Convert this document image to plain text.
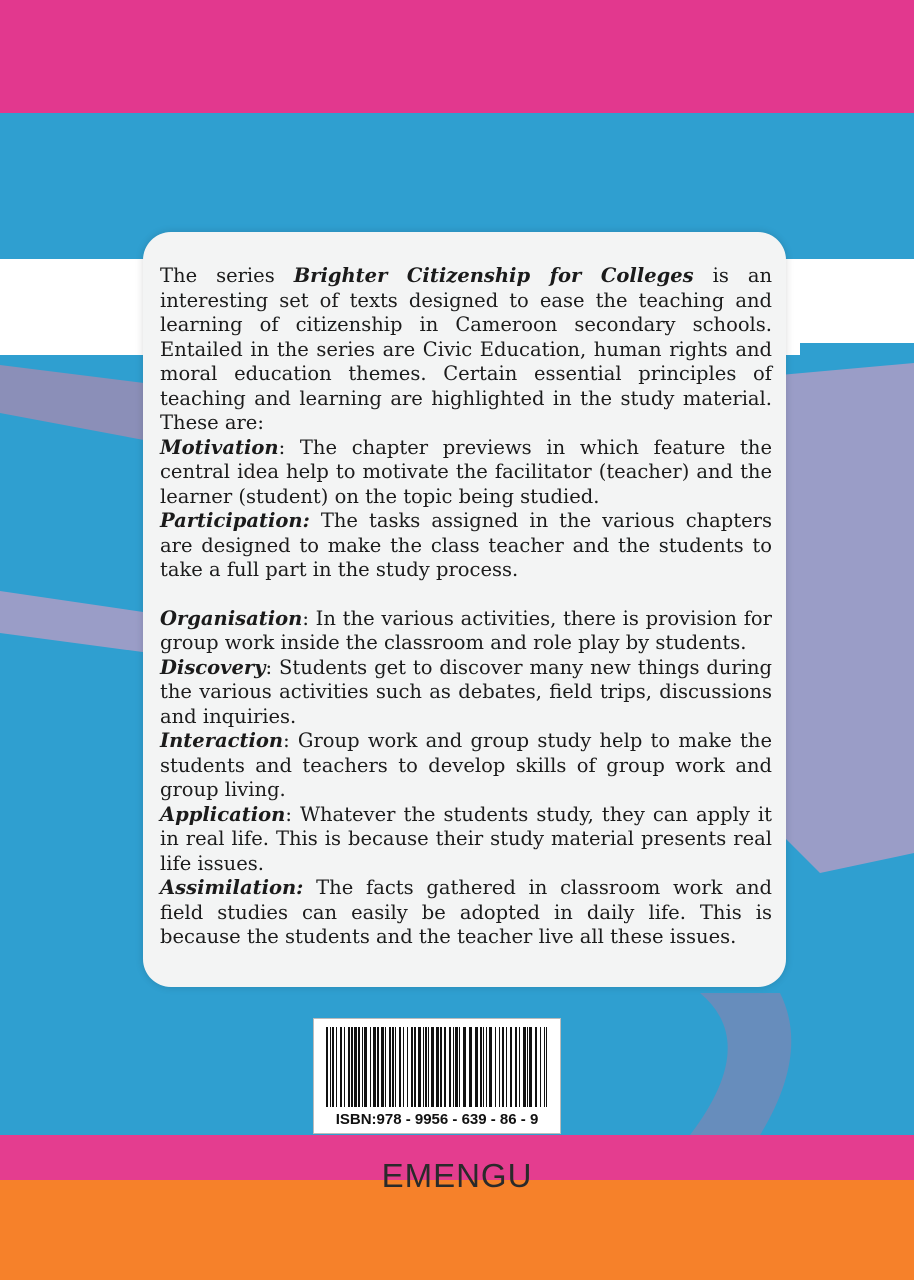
The series Brighter Citizenship for Colleges is an interesting set of texts designed to ease the teaching and learning of citizenship in Cameroon secondary schools. Entailed in the series are Civic Education, human rights and moral education themes. Certain essential principles of teaching and learning are highlighted in the study material. These are:

Motivation: The chapter previews in which feature the central idea help to motivate the facilitator (teacher) and the learner (student) on the topic being studied.

Participation: The tasks assigned in the various chapters are designed to make the class teacher and the students to take a full part in the study process.

Organisation: In the various activities, there is provision for group work inside the classroom and role play by students.

Discovery: Students get to discover many new things during the various activities such as debates, field trips, discussions and inquiries.

Interaction: Group work and group study help to make the students and teachers to develop skills of group work and group living.

Application: Whatever the students study, they can apply it in real life. This is because their study material presents real life issues.

Assimilation: The facts gathered in classroom work and field studies can easily be adopted in daily life. This is because the students and the teacher live all these issues.

ISBN:978 - 9956 - 639 - 86 - 9
EMENGU
